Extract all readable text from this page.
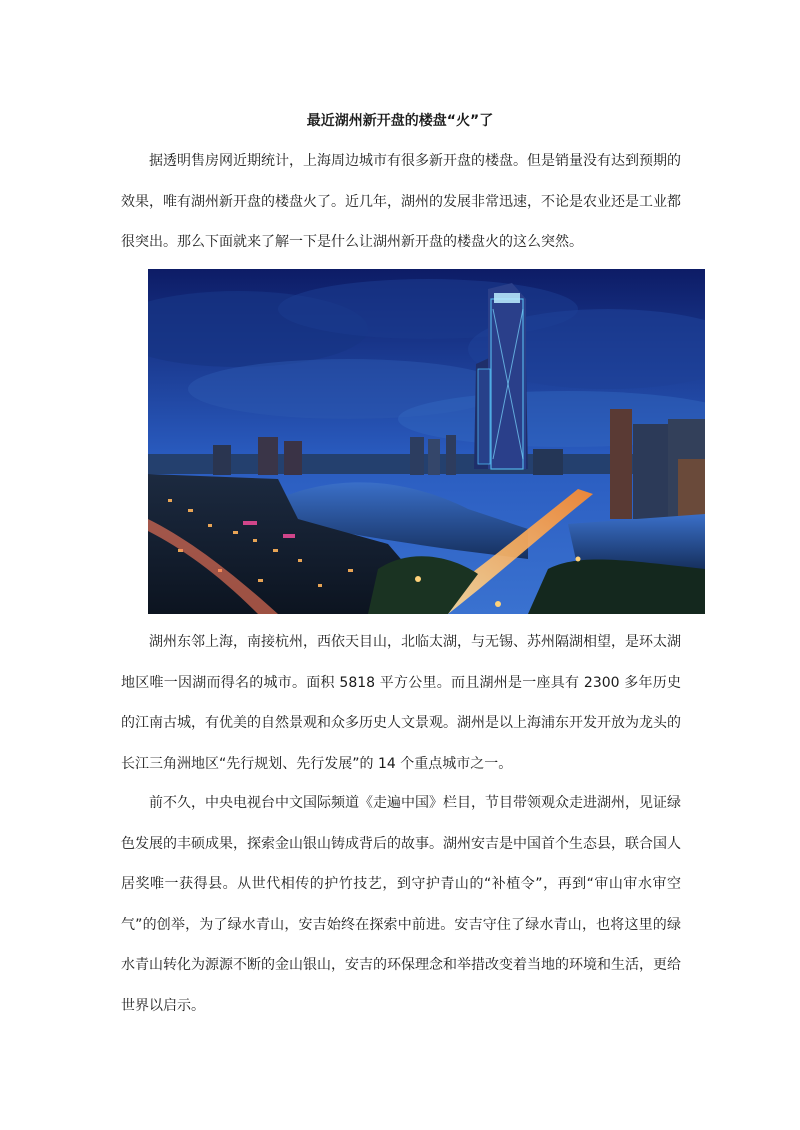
最近湖州新开盘的楼盘“火”了

据透明售房网近期统计，上海周边城市有很多新开盘的楼盘。但是销量没有达到预期的效果，唯有湖州新开盘的楼盘火了。近几年，湖州的发展非常迅速，不论是农业还是工业都很突出。那么下面就来了解一下是什么让湖州新开盘的楼盘火的这么突然。

湖州东邻上海，南接杭州，西依天目山，北临太湖，与无锡、苏州隔湖相望，是环太湖地区唯一因湖而得名的城市。面积 5818 平方公里。而且湖州是一座具有 2300 多年历史的江南古城，有优美的自然景观和众多历史人文景观。湖州是以上海浦东开发开放为龙头的长江三角洲地区“先行规划、先行发展”的 14 个重点城市之一。

前不久，中央电视台中文国际频道《走遍中国》栏目，节目带领观众走进湖州，见证绿色发展的丰硕成果，探索金山银山铸成背后的故事。湖州安吉是中国首个生态县，联合国人居奖唯一获得县。从世代相传的护竹技艺，到守护青山的“补植令”，再到“审山审水审空气”的创举，为了绿水青山，安吉始终在探索中前进。安吉守住了绿水青山，也将这里的绿水青山转化为源源不断的金山银山，安吉的环保理念和举措改变着当地的环境和生活，更给世界以启示。
